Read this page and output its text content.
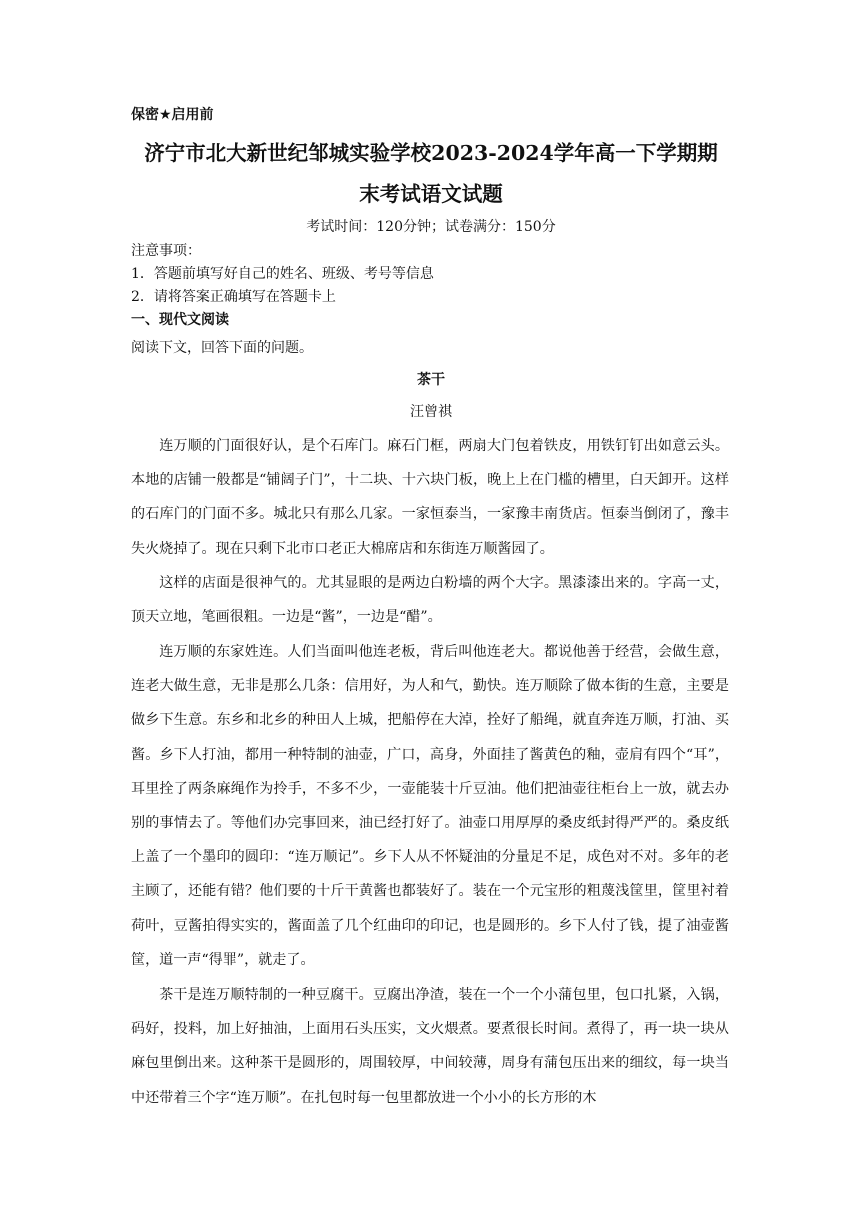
保密★启用前
济宁市北大新世纪邹城实验学校2023-2024学年高一下学期期
末考试语文试题
考试时间：120分钟；试卷满分：150分
注意事项：
1．答题前填写好自己的姓名、班级、考号等信息
2．请将答案正确填写在答题卡上
一、现代文阅读
阅读下文，回答下面的问题。
茶干
汪曾祺

连万顺的门面很好认，是个石库门。麻石门框，两扇大门包着铁皮，用铁钉钉出如意云头。本地的店铺一般都是“铺阔子门”，十二块、十六块门板，晚上上在门槛的槽里，白天卸开。这样的石库门的门面不多。城北只有那么几家。一家恒泰当，一家豫丰南货店。恒泰当倒闭了，豫丰失火烧掉了。现在只剩下北市口老正大棉席店和东街连万顺酱园了。

这样的店面是很神气的。尤其显眼的是两边白粉墙的两个大字。黑漆漆出来的。字高一丈，顶天立地，笔画很粗。一边是“酱”，一边是“醋”。

连万顺的东家姓连。人们当面叫他连老板，背后叫他连老大。都说他善于经营，会做生意，连老大做生意，无非是那么几条：信用好，为人和气，勤快。连万顺除了做本街的生意，主要是做乡下生意。东乡和北乡的种田人上城，把船停在大淖，拴好了船绳，就直奔连万顺，打油、买酱。乡下人打油，都用一种特制的油壶，广口，高身，外面挂了酱黄色的釉，壶肩有四个“耳”，耳里拴了两条麻绳作为拎手，不多不少，一壶能装十斤豆油。他们把油壶往柜台上一放，就去办别的事情去了。等他们办完事回来，油已经打好了。油壶口用厚厚的桑皮纸封得严严的。桑皮纸上盖了一个墨印的圆印：“连万顺记”。乡下人从不怀疑油的分量足不足，成色对不对。多年的老主顾了，还能有错？他们要的十斤干黄酱也都装好了。装在一个元宝形的粗蔑浅筐里，筐里衬着荷叶，豆酱拍得实实的，酱面盖了几个红曲印的印记，也是圆形的。乡下人付了钱，提了油壶酱筐，道一声“得罪”，就走了。

茶干是连万顺特制的一种豆腐干。豆腐出净渣，装在一个一个小蒲包里，包口扎紧，入锅，码好，投料，加上好抽油，上面用石头压实，文火煨煮。要煮很长时间。煮得了，再一块一块从麻包里倒出来。这种茶干是圆形的，周围较厚，中间较薄，周身有蒲包压出来的细纹，每一块当中还带着三个字“连万顺”。在扎包时每一包里都放进一个小小的长方形的木
